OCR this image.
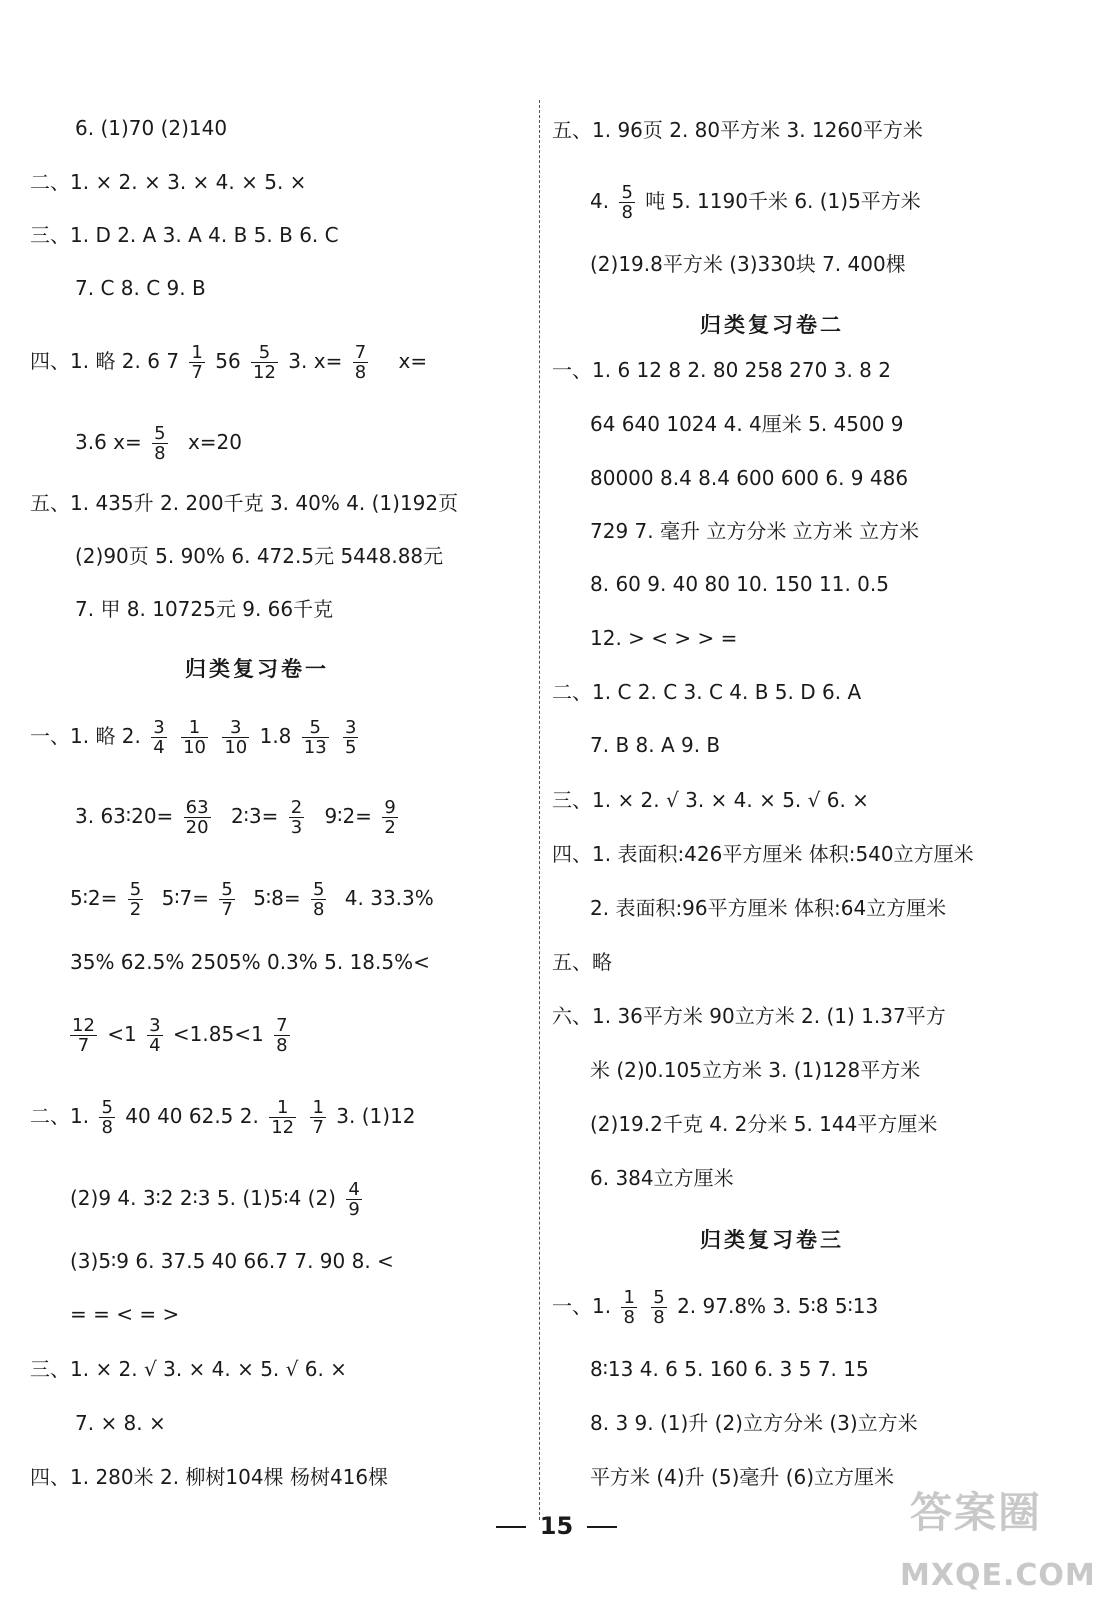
6. (1)70 (2)140
二、1. × 2. × 3. × 4. × 5. ×
三、1. D 2. A 3. A 4. B 5. B 6. C
7. C 8. C 9. B
四、1. 略 2. 6 $7 \frac{1}{7} 56 \frac{5}{12} 3$. $x= \frac{7}{8} x=$
3.6 $x= \frac{5}{8} x=20$
五、1. 435升 2. 200千克 3. 40% 4. (1)192页
(2)90页 5. 90% 6. 472.5元 5448.88元
7. 甲 8. 10725元 9. 66千克
归类复习卷一
一、1. 略 2. $\frac{3}{4}$
$\frac{1}{10}$
$\frac{3}{10} 1.8 \frac{5}{13}$
$\frac{3}{5}$
3. 63∶20= $\frac{63}{20}$ 2∶3= $\frac{2}{3}$ 9∶2= $\frac{9}{2}$
5∶2= $\frac{5}{2}$ 5∶7= $\frac{5}{7}$ 5∶8= $\frac{5}{8} 4$. 33.3%
35% 62.5% 2505% 0.3% 5. 18.5%<
$\frac{12}{7} <1 \frac{3}{4} <1.85<1 \frac{7}{8}$
二、1. $\frac{5}{8} 40$ 40 62.5 2. $\frac{1}{12}$
$\frac{1}{7} 3$. (1)12
(2)9 4. 3∶2 2∶3 5. (1)5∶4 $(2) \frac{4}{9}$
(3)5∶9 6. 37.5 40 66.7 7. 90 8. <
= = < = >
三、1. × 2. √ 3. × 4. × 5. √ 6. ×
7. × 8. ×
四、1. 280米 2. 柳树104棵 杨树416棵
五、1. 96页 2. 80平方米 3. 1260平方米
4. $\frac{5}{8}$ 吨 5. 1190千米 6. (1)5平方米
(2)19.8平方米 (3)330块 7. 400棵
归类复习卷二
一、1. 6 12 8 2. 80 258 270 3. 8 2
64 640 1024 4. 4厘米 5. 4500 9
80000 8.4 8.4 600 600 6. 9 486
729 7. 毫升 立方分米 立方米 立方米
8. 60 9. 40 80 10. 150 11. 0.5
12. > < > > =
二、1. C 2. C 3. C 4. B 5. D 6. A
7. B 8. A 9. B
三、1. × 2. √ 3. × 4. × 5. √ 6. ×
四、1. 表面积:426平方厘米 体积:540立方厘米
2. 表面积:96平方厘米 体积:64立方厘米
五、略
六、1. 36平方米 90立方米 2. (1) 1.37平方
米 (2)0.105立方米 3. (1)128平方米
(2)19.2千克 4. 2分米 5. 144平方厘米
6. 384立方厘米
归类复习卷三
一、1. $\frac{1}{8}$
$\frac{5}{8} 2$. 97.8% 3. 5∶8 5∶13
8∶13 4. 6 5. 160 6. 3 5 7. 15
8. 3 9. (1)升 (2)立方分米 (3)立方米
平方米 (4)升 (5)毫升 (6)立方厘米
15	答案圈
MXQE.COM
